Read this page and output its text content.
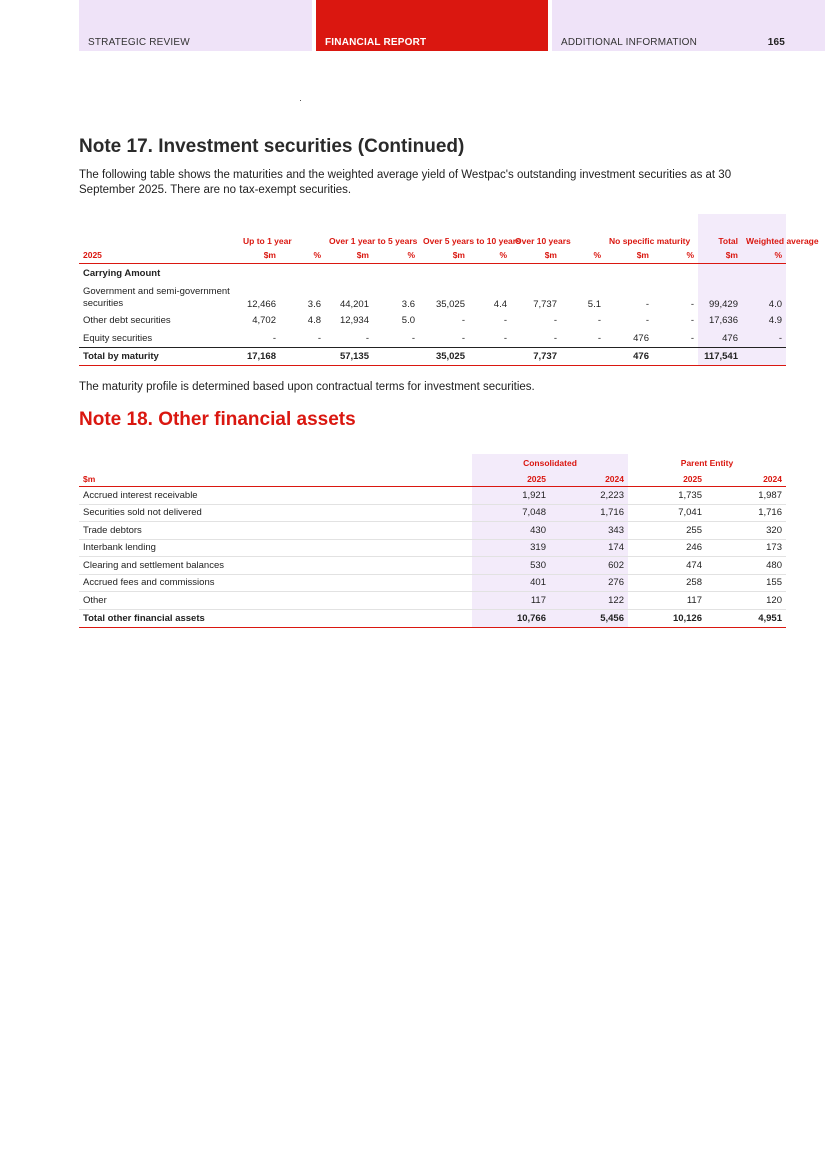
STRATEGIC REVIEW	FINANCIAL REPORT	ADDITIONAL INFORMATION	165
Note 17. Investment securities (Continued)

The following table shows the maturities and the weighted average yield of Westpac's outstanding investment securities as at 30 September 2025. There are no tax-exempt securities.

	Up to 1 year		Over 1 year to 5 years		Over 5 years to 10 years		Over 10 years		No specific maturity		Total	Weighted average
2025	$m	%	$m	%	$m	%	$m	%	$m	%	$m	%
Carrying Amount												
Government and semi-government securities	12,466	3.6	44,201	3.6	35,025	4.4	7,737	5.1	-	-	99,429	4.0
Other debt securities	4,702	4.8	12,934	5.0	-	-	-	-	-	-	17,636	4.9
Equity securities	-	-	-	-	-	-	-	-	476	-	476	-
Total by maturity	17,168		57,135		35,025		7,737		476		117,541	

The maturity profile is determined based upon contractual terms for investment securities.

Note 18. Other financial assets
	Consolidated		Parent Entity	
$m	2025	2024	2025	2024
Accrued interest receivable	1,921	2,223	1,735	1,987
Securities sold not delivered	7,048	1,716	7,041	1,716
Trade debtors	430	343	255	320
Interbank lending	319	174	246	173
Clearing and settlement balances	530	602	474	480
Accrued fees and commissions	401	276	258	155
Other	117	122	117	120
Total other financial assets	10,766	5,456	10,126	4,951
